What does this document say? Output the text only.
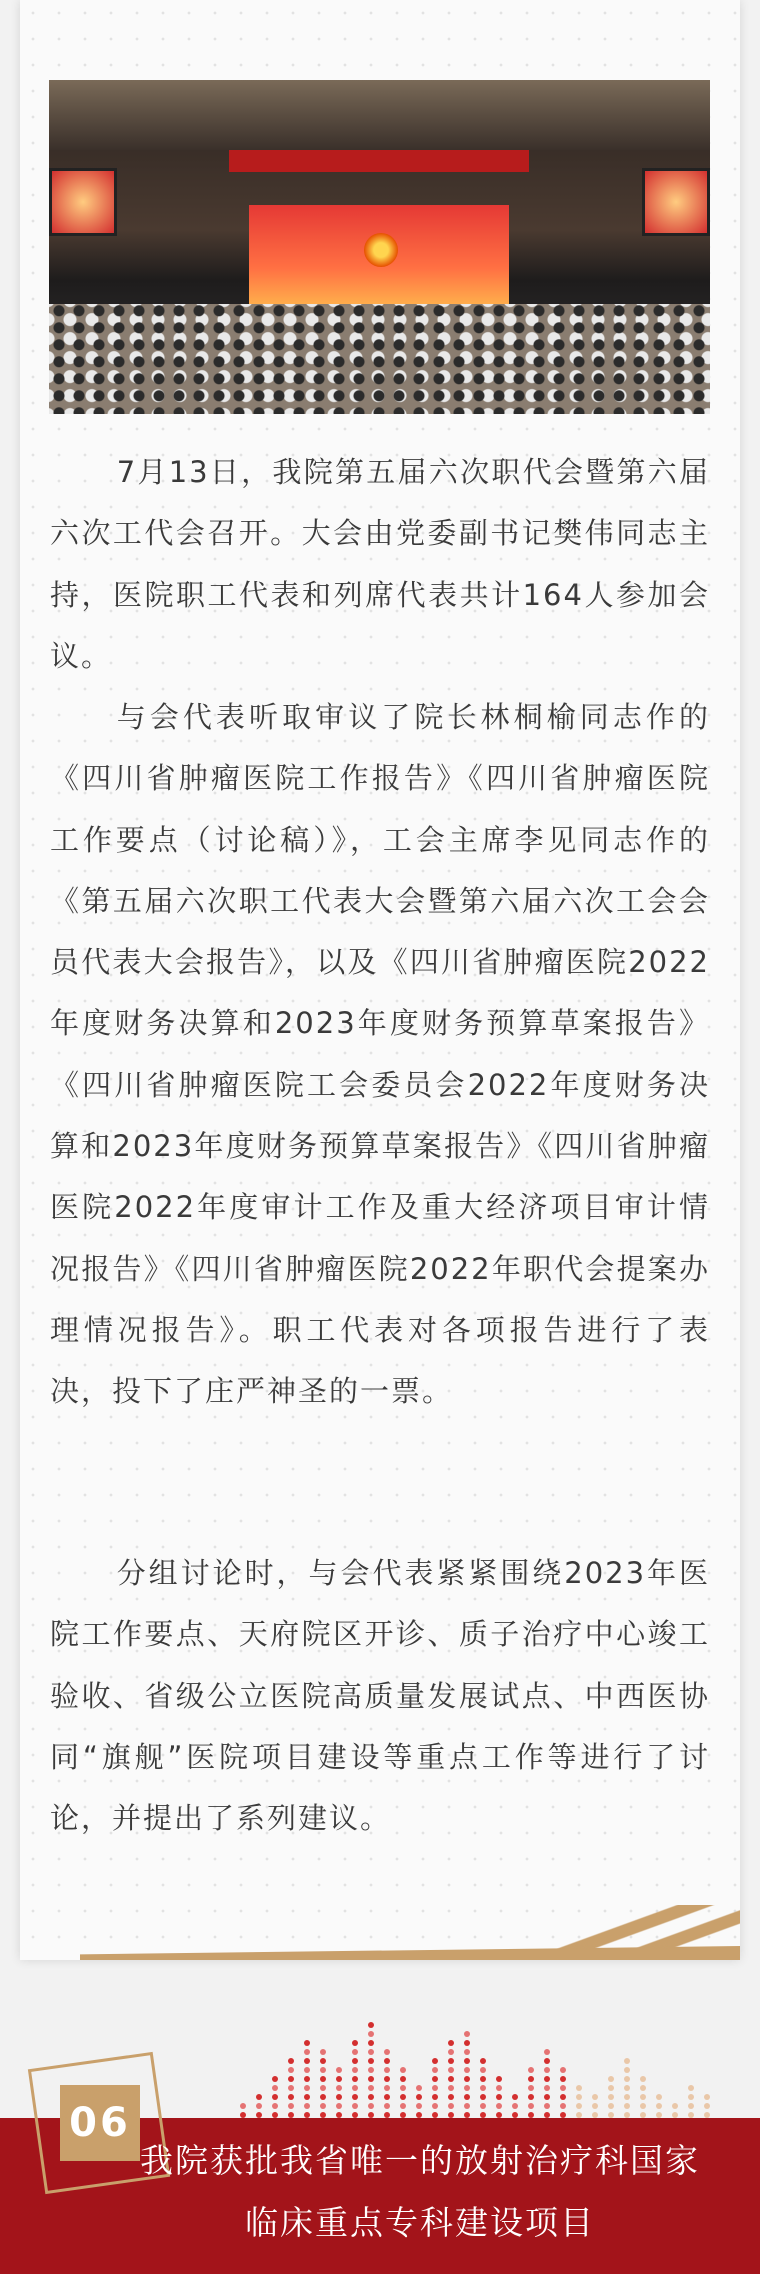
7月13日，我院第五届六次职代会暨第六届六次工代会召开。大会由党委副书记樊伟同志主持，医院职工代表和列席代表共计164人参加会议。

与会代表听取审议了院长林桐榆同志作的《四川省肿瘤医院工作报告》《四川省肿瘤医院工作要点（讨论稿）》，工会主席李见同志作的《第五届六次职工代表大会暨第六届六次工会会员代表大会报告》，以及《四川省肿瘤医院2022年度财务决算和2023年度财务预算草案报告》《四川省肿瘤医院工会委员会2022年度财务决算和2023年度财务预算草案报告》《四川省肿瘤医院2022年度审计工作及重大经济项目审计情况报告》《四川省肿瘤医院2022年职代会提案办理情况报告》。职工代表对各项报告进行了表决，投下了庄严神圣的一票。

分组讨论时，与会代表紧紧围绕2023年医院工作要点、天府院区开诊、质子治疗中心竣工验收、省级公立医院高质量发展试点、中西医协同“旗舰”医院项目建设等重点工作等进行了讨论，并提出了系列建议。

06
我院获批我省唯一的放射治疗科国家
临床重点专科建设项目
